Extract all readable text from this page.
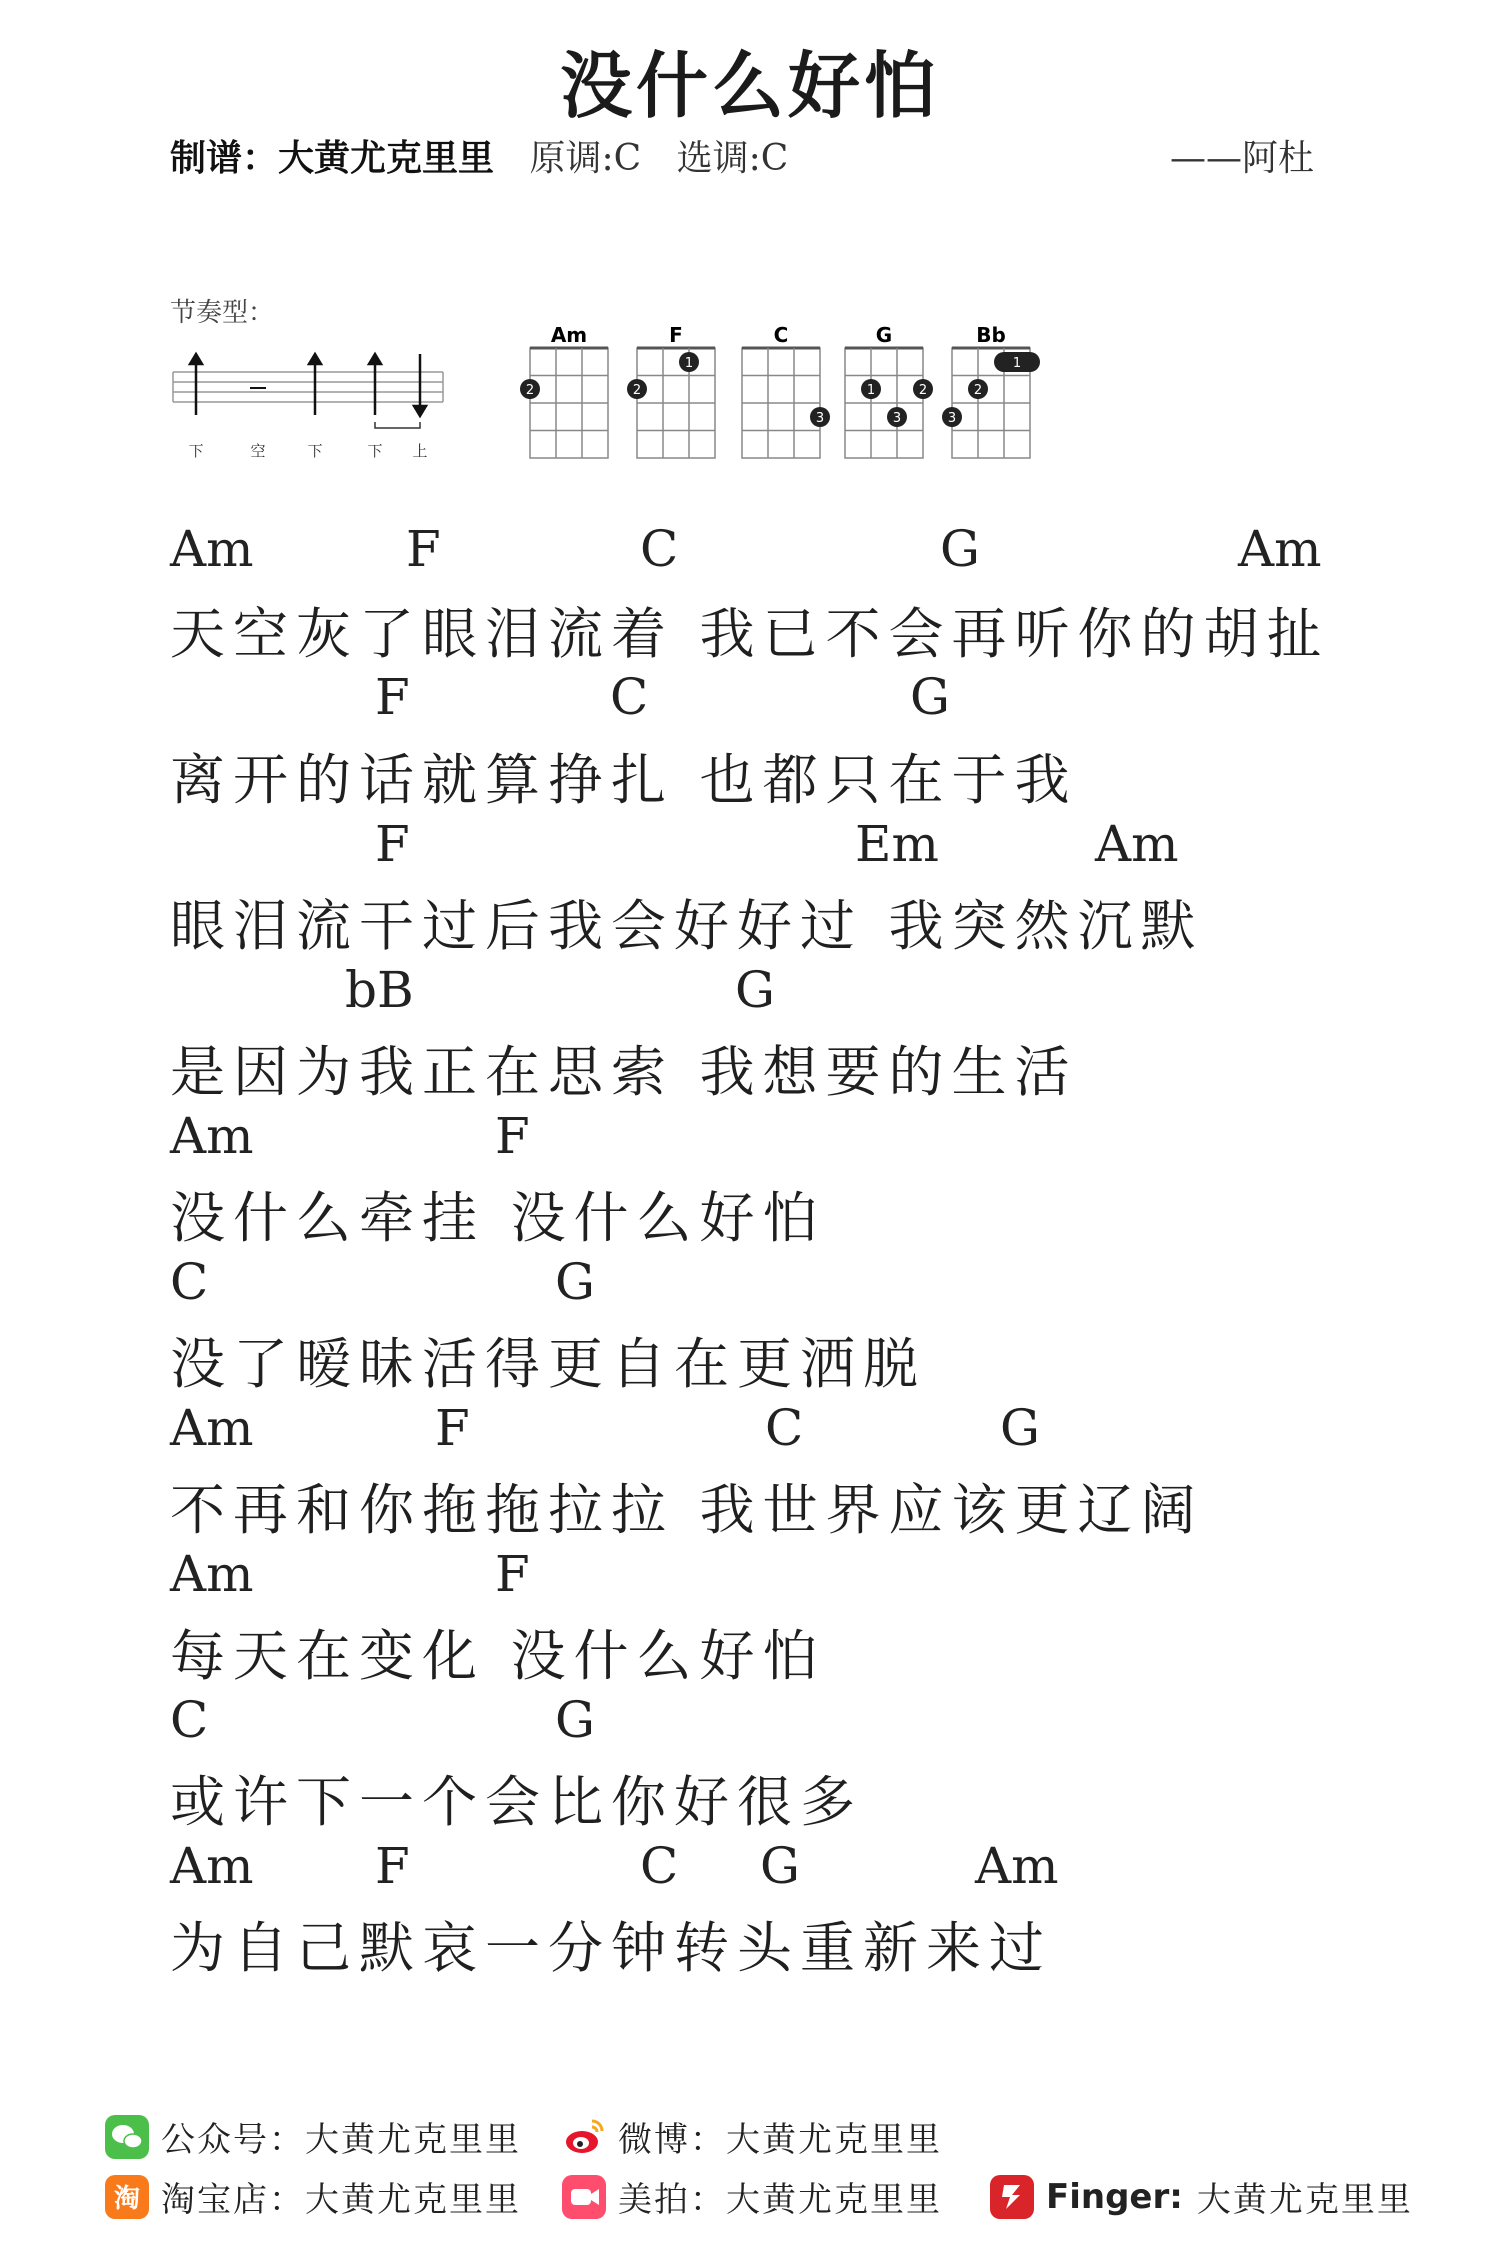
没什么好怕
制谱：大黄尤克里里 原调:C 选调:C	——阿杜
节奏型：
下	空	下	下 上
Am
2
F
1
2
C
3
G
1	2
3
Bb
1
2
3
Am	F	C	G	Am
天空灰了眼泪流着 我已不会再听你的胡扯
F	C	G
离开的话就算挣扎 也都只在于我
F	Em	Am
眼泪流干过后我会好好过 我突然沉默
bB	G
是因为我正在思索 我想要的生活
Am	F
没什么牵挂 没什么好怕
C	G
没了暧昧活得更自在更洒脱
Am	F	C	G
不再和你拖拖拉拉 我世界应该更辽阔
Am	F
每天在变化 没什么好怕
C	G
或许下一个会比你好很多
Am F	C G	Am
为自己默哀一分钟转头重新来过
公众号：大黄尤克里里	微博：大黄尤克里里
淘 淘宝店：大黄尤克里里	美拍：大黄尤克里里	Finger: 大黄尤克里里
